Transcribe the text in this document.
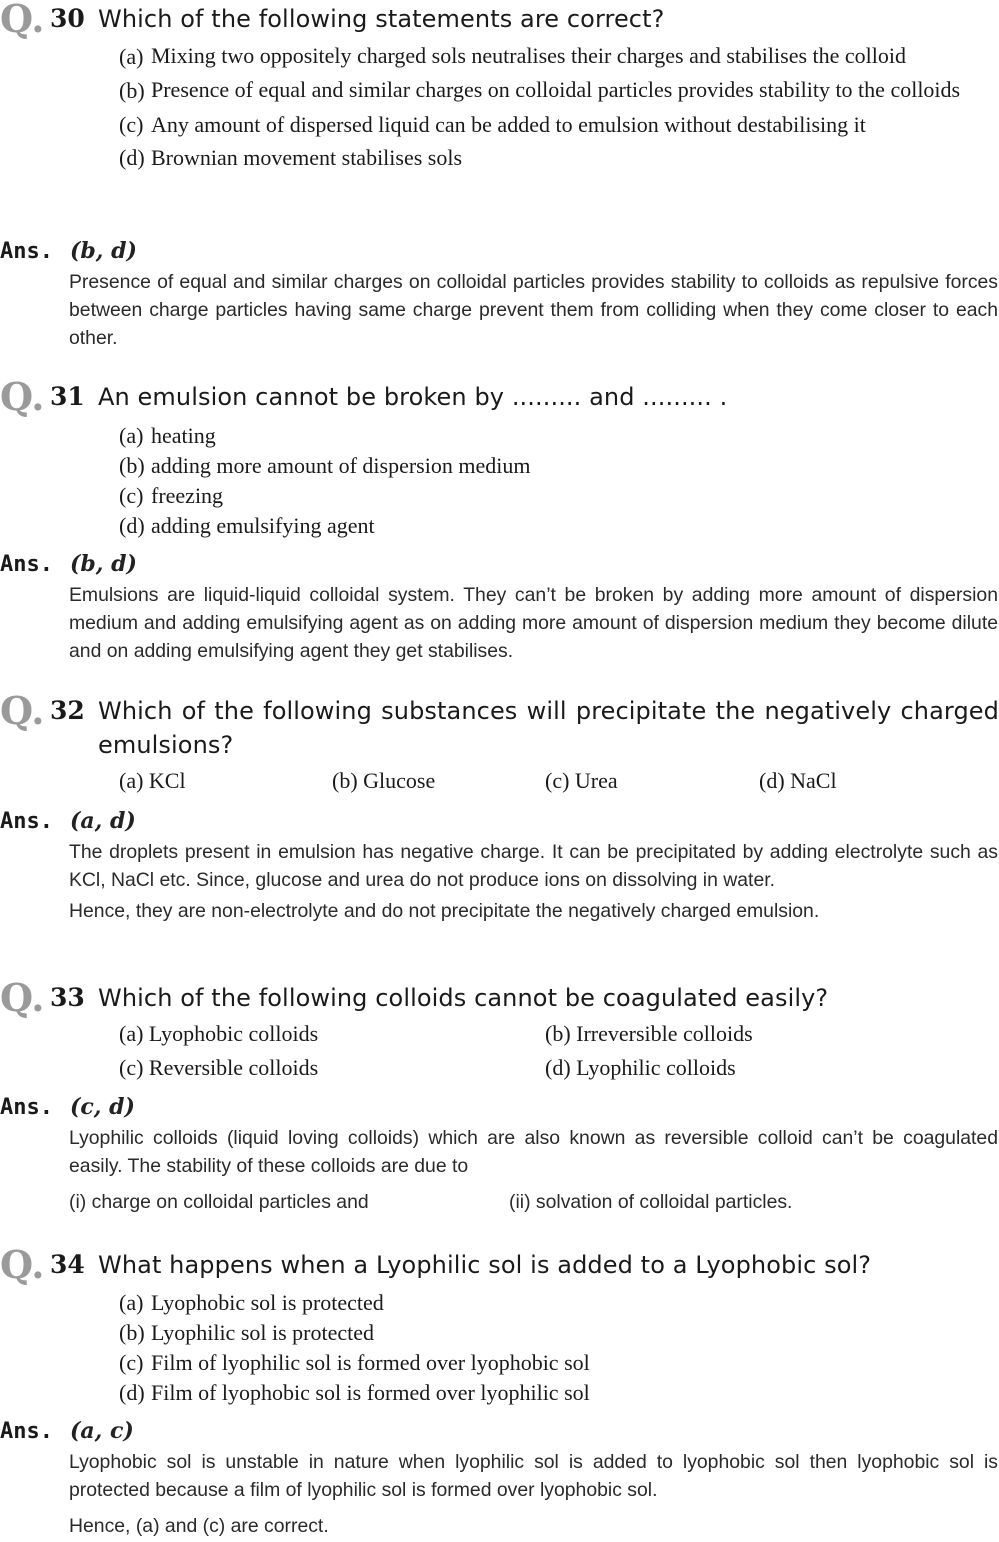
Q. 30 Which of the following statements are correct?
(a) Mixing two oppositely charged sols neutralises their charges and stabilises the colloid
(b) Presence of equal and similar charges on colloidal particles provides stability to the colloids
(c) Any amount of dispersed liquid can be added to emulsion without destabilising it
(d) Brownian movement stabilises sols
Ans. (b, d)

Presence of equal and similar charges on colloidal particles provides stability to colloids as repulsive forces between charge particles having same charge prevent them from colliding when they come closer to each other.

Q. 31 An emulsion cannot be broken by ......... and ......... .
(a) heating
(b) adding more amount of dispersion medium
(c) freezing
(d) adding emulsifying agent
Ans. (b, d)

Emulsions are liquid-liquid colloidal system. They can’t be broken by adding more amount of dispersion medium and adding emulsifying agent as on adding more amount of dispersion medium they become dilute and on adding emulsifying agent they get stabilises.

Q. 32 Which of the following substances will precipitate the negatively charged emulsions?
(a) KCl	(b) Glucose	(c) Urea	(d) NaCl
Ans. (a, d)

The droplets present in emulsion has negative charge. It can be precipitated by adding electrolyte such as KCl, NaCl etc. Since, glucose and urea do not produce ions on dissolving in water.

Hence, they are non-electrolyte and do not precipitate the negatively charged emulsion.

Q. 33 Which of the following colloids cannot be coagulated easily?
(a) Lyophobic colloids	(b) Irreversible colloids
(c) Reversible colloids	(d) Lyophilic colloids
Ans. (c, d)

Lyophilic colloids (liquid loving colloids) which are also known as reversible colloid can’t be coagulated easily. The stability of these colloids are due to

(i) charge on colloidal particles and	(ii) solvation of colloidal particles.
Q. 34 What happens when a Lyophilic sol is added to a Lyophobic sol?
(a) Lyophobic sol is protected
(b) Lyophilic sol is protected
(c) Film of lyophilic sol is formed over lyophobic sol
(d) Film of lyophobic sol is formed over lyophilic sol
Ans. (a, c)

Lyophobic sol is unstable in nature when lyophilic sol is added to lyophobic sol then lyophobic sol is protected because a film of lyophilic sol is formed over lyophobic sol.

Hence, (a) and (c) are correct.
